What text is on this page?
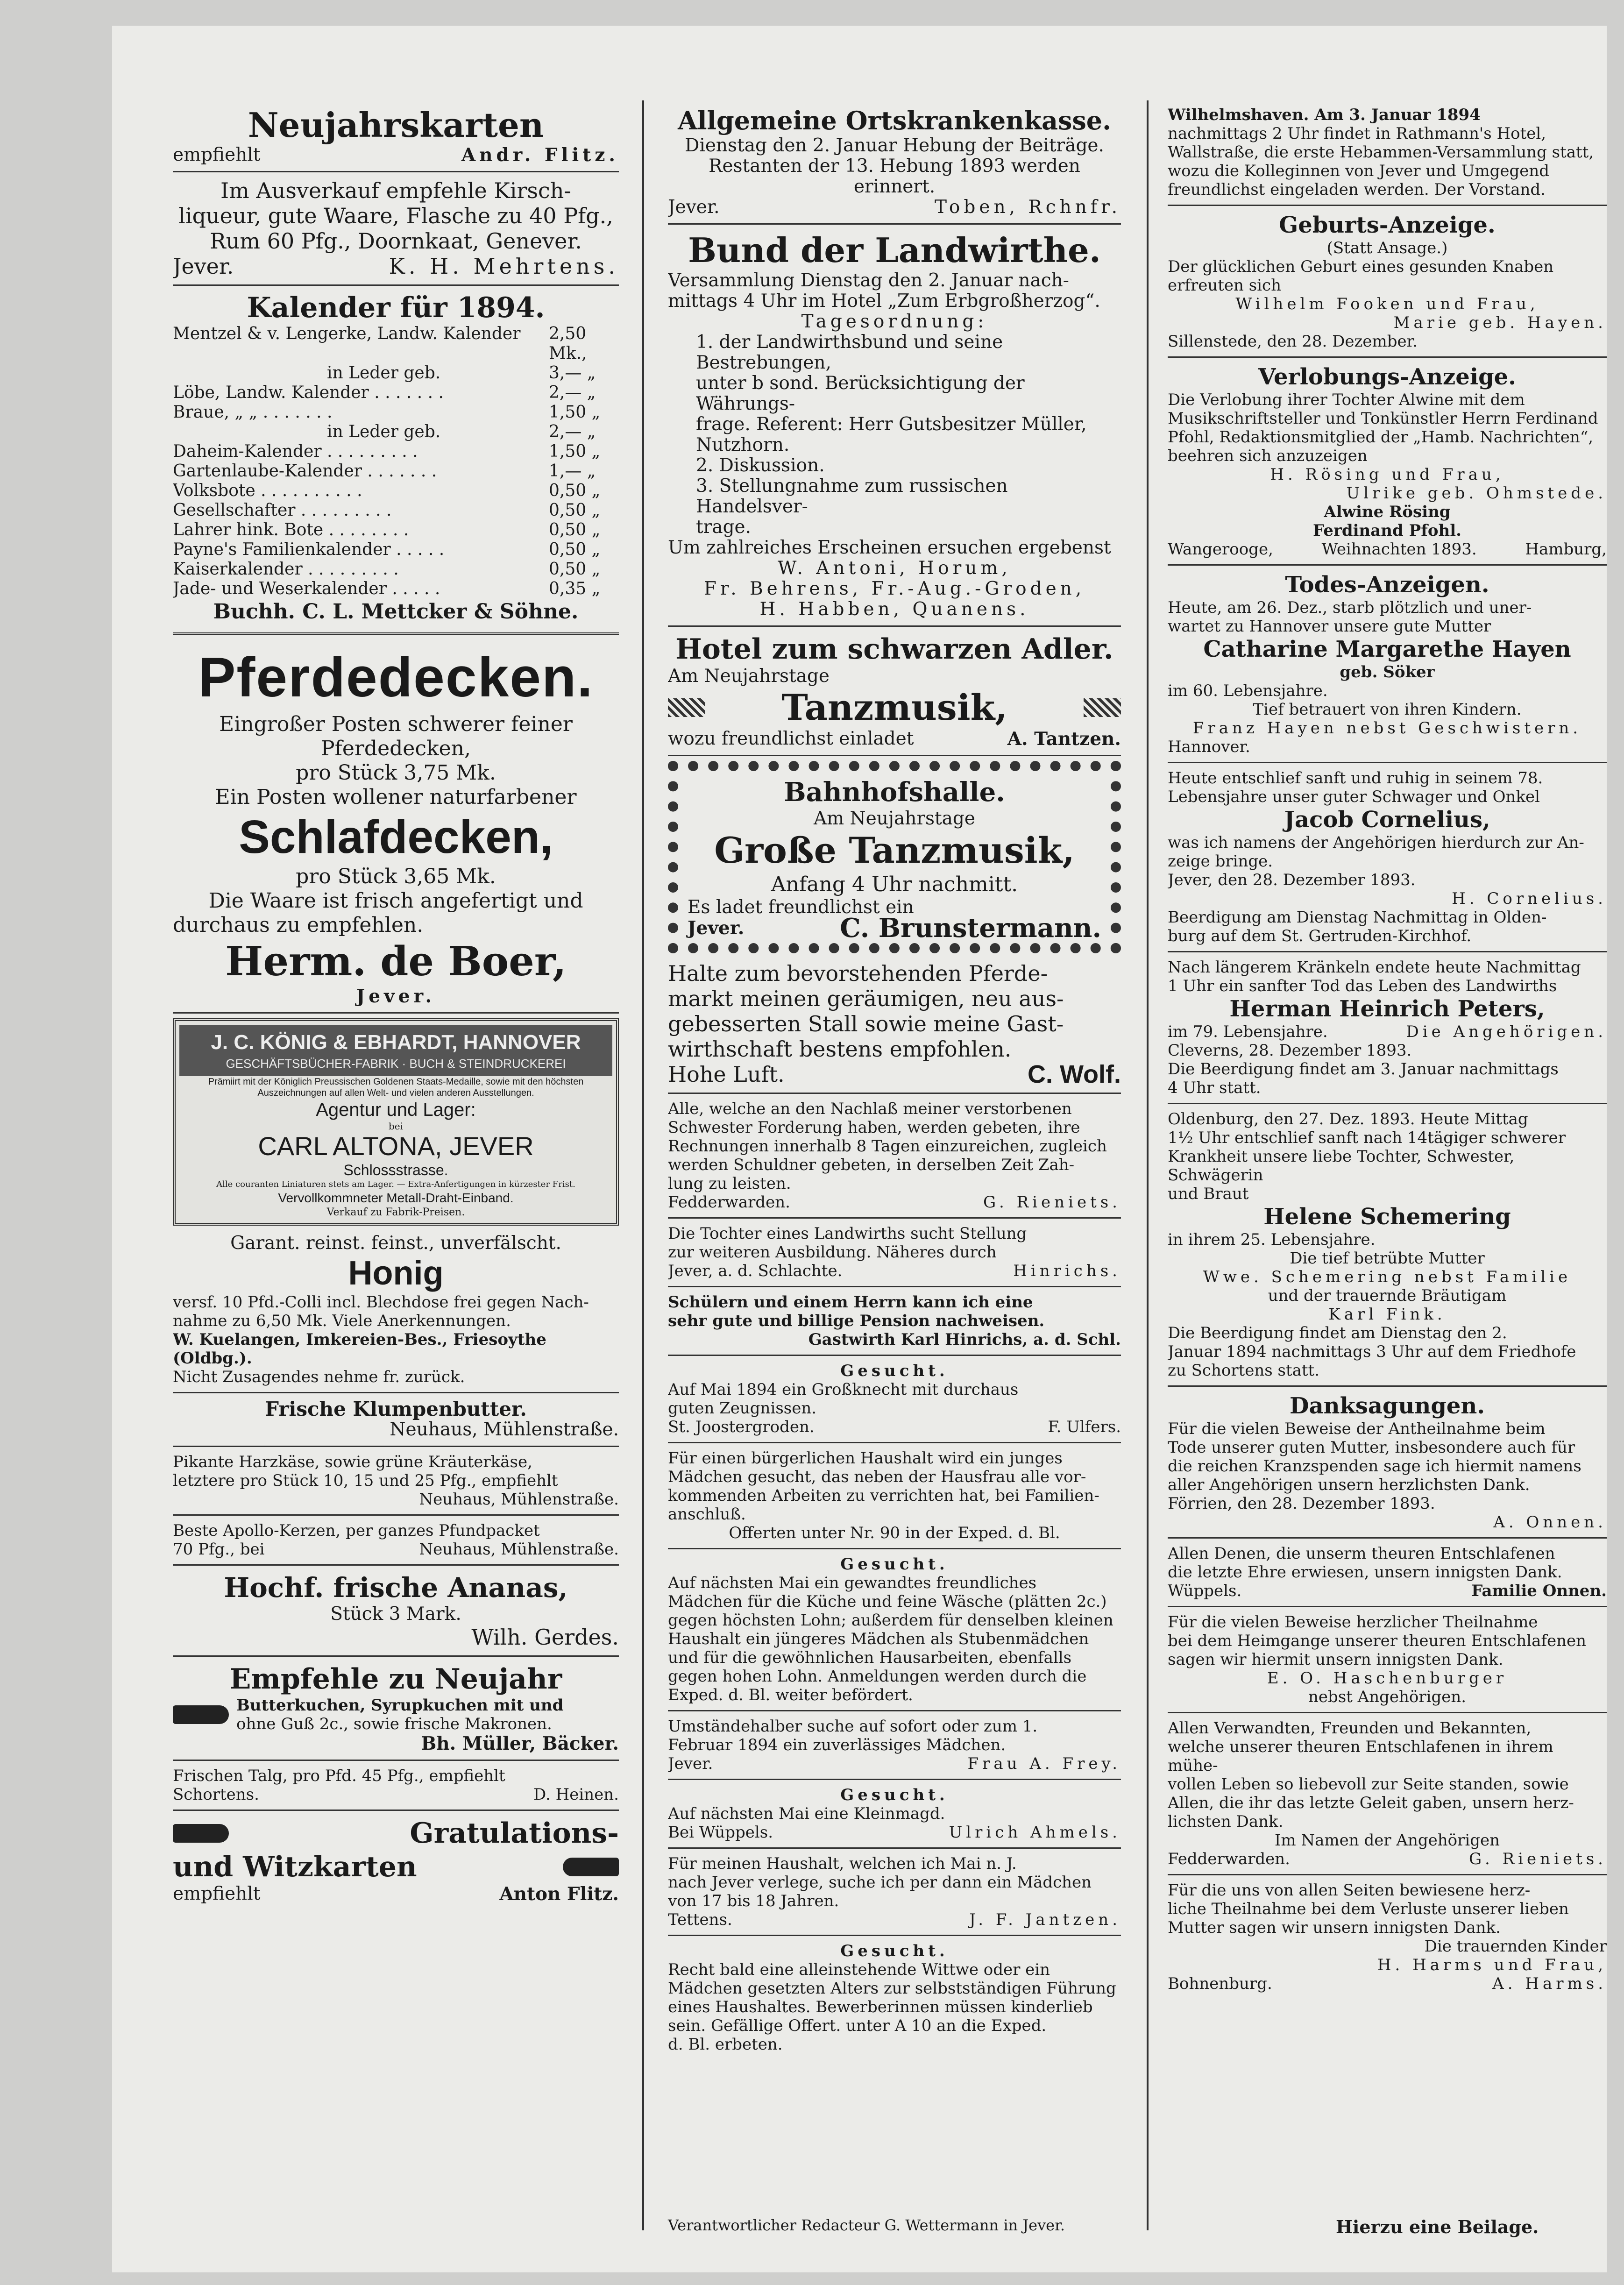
Neujahrskarten
empfiehlt	Andr. Flitz.
Im Ausverkauf empfehle Kirsch-
liqueur, gute Waare, Flasche zu 40 Pfg.,
Rum 60 Pfg., Doornkaat, Genever.
Jever.	K. H. Mehrtens.
Kalender für 1894.
Mentzel & v. Lengerke, Landw. Kalender 2,50 Mk.,
in Leder geb.	3,— „
Löbe, Landw. Kalender . . . . . . .	2,— „
Braue, „ „ . . . . . . .	1,50 „
in Leder geb.	2,— „
Daheim-Kalender . . . . . . . . .	1,50 „
Gartenlaube-Kalender . . . . . . .	1,— „
Volksbote . . . . . . . . . .	0,50 „
Gesellschafter . . . . . . . . .	0,50 „
Lahrer hink. Bote . . . . . . . .	0,50 „
Payne's Familienkalender . . . . .	0,50 „
Kaiserkalender . . . . . . . . .	0,50 „
Jade- und Weserkalender . . . . .	0,35 „
Buchh. C. L. Mettcker & Söhne.
Pferdedecken.
Eingroßer Posten schwerer feiner Pferdedecken,
pro Stück 3,75 Mk.
Ein Posten wollener naturfarbener
Schlafdecken,
pro Stück 3,65 Mk.
Die Waare ist frisch angefertigt und
durchaus zu empfehlen.
Herm. de Boer,
Jever.
J. C. KÖNIG & EBHARDT, HANNOVER
GESCHÄFTSBÜCHER-FABRIK · BUCH & STEINDRUCKEREI
Prämiirt mit der Königlich Preussischen Goldenen Staats-Medaille, sowie mit den höchsten Auszeichnungen auf allen Welt- und vielen anderen Ausstellungen.
Agentur und Lager:
bei
CARL ALTONA, JEVER
Schlossstrasse.
Alle couranten Liniaturen stets am Lager. — Extra-Anfertigungen in kürzester Frist.
Vervollkommneter Metall-Draht-Einband.
Verkauf zu Fabrik-Preisen.
Garant. reinst. feinst., unverfälscht.
Honig
versf. 10 Pfd.-Colli incl. Blechdose frei gegen Nach-
nahme zu 6,50 Mk. Viele Anerkennungen.
W. Kuelangen, Imkereien-Bes., Friesoythe (Oldbg.).
Nicht Zusagendes nehme fr. zurück.
Frische Klumpenbutter.
Neuhaus, Mühlenstraße.
Pikante Harzkäse, sowie grüne Kräuterkäse,
letztere pro Stück 10, 15 und 25 Pfg., empfiehlt
Neuhaus, Mühlenstraße.
Beste Apollo-Kerzen, per ganzes Pfundpacket
70 Pfg., bei	Neuhaus, Mühlenstraße.
Hochf. frische Ananas,
Stück 3 Mark.
Wilh. Gerdes.
Empfehle zu Neujahr
Butterkuchen, Syrupkuchen mit und
ohne Guß 2c., sowie frische Makronen.
Bh. Müller, Bäcker.
Frischen Talg, pro Pfd. 45 Pfg., empfiehlt
Schortens.	D. Heinen.
Gratulations-
und Witzkarten
empfiehlt	Anton Flitz.
Allgemeine Ortskrankenkasse.
Dienstag den 2. Januar Hebung der Beiträge.
Restanten der 13. Hebung 1893 werden erinnert.
Jever.	Toben, Rchnfr.
Bund der Landwirthe.
Versammlung Dienstag den 2. Januar nach-
mittags 4 Uhr im Hotel „Zum Erbgroßherzog“.
Tagesordnung:
1. der Landwirthsbund und seine Bestrebungen,
unter b sond. Berücksichtigung der Währungs-
frage. Referent: Herr Gutsbesitzer Müller,
Nutzhorn.
2. Diskussion.
3. Stellungnahme zum russischen Handelsver-
trage.
Um zahlreiches Erscheinen ersuchen ergebenst
W. Antoni, Horum,
Fr. Behrens, Fr.-Aug.-Groden,
H. Habben, Quanens.
Hotel zum schwarzen Adler.
Am Neujahrstage
Tanzmusik,
wozu freundlichst einladet	A. Tantzen.
Bahnhofshalle.
Am Neujahrstage
Große Tanzmusik,
Anfang 4 Uhr nachmitt.
Es ladet freundlichst ein
Jever.	C. Brunstermann.
Halte zum bevorstehenden Pferde-
markt meinen geräumigen, neu aus-
gebesserten Stall sowie meine Gast-
wirthschaft bestens empfohlen.
Hohe Luft.	C. Wolf.
Alle, welche an den Nachlaß meiner verstorbenen
Schwester Forderung haben, werden gebeten, ihre
Rechnungen innerhalb 8 Tagen einzureichen, zugleich
werden Schuldner gebeten, in derselben Zeit Zah-
lung zu leisten.
Fedderwarden.	G. Rieniets.
Die Tochter eines Landwirths sucht Stellung
zur weiteren Ausbildung. Näheres durch
Jever, a. d. Schlachte.	Hinrichs.
Schülern und einem Herrn kann ich eine
sehr gute und billige Pension nachweisen.
Gastwirth Karl Hinrichs, a. d. Schl.
Gesucht.
Auf Mai 1894 ein Großknecht mit durchaus
guten Zeugnissen.
St. Joostergroden.	F. Ulfers.
Für einen bürgerlichen Haushalt wird ein junges
Mädchen gesucht, das neben der Hausfrau alle vor-
kommenden Arbeiten zu verrichten hat, bei Familien-
anschluß.
Offerten unter Nr. 90 in der Exped. d. Bl.
Gesucht.
Auf nächsten Mai ein gewandtes freundliches
Mädchen für die Küche und feine Wäsche (plätten 2c.)
gegen höchsten Lohn; außerdem für denselben kleinen
Haushalt ein jüngeres Mädchen als Stubenmädchen
und für die gewöhnlichen Hausarbeiten, ebenfalls
gegen hohen Lohn. Anmeldungen werden durch die
Exped. d. Bl. weiter befördert.
Umständehalber suche auf sofort oder zum 1.
Februar 1894 ein zuverlässiges Mädchen.
Jever.	Frau A. Frey.
Gesucht.
Auf nächsten Mai eine Kleinmagd.
Bei Wüppels.	Ulrich Ahmels.
Für meinen Haushalt, welchen ich Mai n. J.
nach Jever verlege, suche ich per dann ein Mädchen
von 17 bis 18 Jahren.
Tettens.	J. F. Jantzen.
Gesucht.
Recht bald eine alleinstehende Wittwe oder ein
Mädchen gesetzten Alters zur selbstständigen Führung
eines Haushaltes. Bewerberinnen müssen kinderlieb
sein. Gefällige Offert. unter A 10 an die Exped.
d. Bl. erbeten.
Wilhelmshaven. Am 3. Januar 1894
nachmittags 2 Uhr findet in Rathmann's Hotel,
Wallstraße, die erste Hebammen-Versammlung statt,
wozu die Kolleginnen von Jever und Umgegend
freundlichst eingeladen werden. Der Vorstand.
Geburts-Anzeige.
(Statt Ansage.)
Der glücklichen Geburt eines gesunden Knaben
erfreuten sich
Wilhelm Fooken und Frau,
Marie geb. Hayen.
Sillenstede, den 28. Dezember.
Verlobungs-Anzeige.
Die Verlobung ihrer Tochter Alwine mit dem
Musikschriftsteller und Tonkünstler Herrn Ferdinand
Pfohl, Redaktionsmitglied der „Hamb. Nachrichten“,
beehren sich anzuzeigen
H. Rösing und Frau,
Ulrike geb. Ohmstede.
Alwine Rösing
Ferdinand Pfohl.
Wangerooge,	Weihnachten 1893.	Hamburg,
Todes-Anzeigen.
Heute, am 26. Dez., starb plötzlich und uner-
wartet zu Hannover unsere gute Mutter
Catharine Margarethe Hayen
geb. Söker
im 60. Lebensjahre.
Tief betrauert von ihren Kindern.
Franz Hayen nebst Geschwistern.
Hannover.
Heute entschlief sanft und ruhig in seinem 78.
Lebensjahre unser guter Schwager und Onkel
Jacob Cornelius,
was ich namens der Angehörigen hierdurch zur An-
zeige bringe.
Jever, den 28. Dezember 1893.
H. Cornelius.
Beerdigung am Dienstag Nachmittag in Olden-
burg auf dem St. Gertruden-Kirchhof.
Nach längerem Kränkeln endete heute Nachmittag
1 Uhr ein sanfter Tod das Leben des Landwirths
Herman Heinrich Peters,
im 79. Lebensjahre.	Die Angehörigen.
Cleverns, 28. Dezember 1893.
Die Beerdigung findet am 3. Januar nachmittags
4 Uhr statt.
Oldenburg, den 27. Dez. 1893. Heute Mittag
1½ Uhr entschlief sanft nach 14tägiger schwerer
Krankheit unsere liebe Tochter, Schwester, Schwägerin
und Braut
Helene Schemering
in ihrem 25. Lebensjahre.
Die tief betrübte Mutter
Wwe. Schemering nebst Familie
und der trauernde Bräutigam
Karl Fink.
Die Beerdigung findet am Dienstag den 2.
Januar 1894 nachmittags 3 Uhr auf dem Friedhofe
zu Schortens statt.
Danksagungen.
Für die vielen Beweise der Antheilnahme beim
Tode unserer guten Mutter, insbesondere auch für
die reichen Kranzspenden sage ich hiermit namens
aller Angehörigen unsern herzlichsten Dank.
Förrien, den 28. Dezember 1893.
A. Onnen.
Allen Denen, die unserm theuren Entschlafenen
die letzte Ehre erwiesen, unsern innigsten Dank.
Wüppels.	Familie Onnen.
Für die vielen Beweise herzlicher Theilnahme
bei dem Heimgange unserer theuren Entschlafenen
sagen wir hiermit unsern innigsten Dank.
E. O. Haschenburger
nebst Angehörigen.
Allen Verwandten, Freunden und Bekannten,
welche unserer theuren Entschlafenen in ihrem mühe-
vollen Leben so liebevoll zur Seite standen, sowie
Allen, die ihr das letzte Geleit gaben, unsern herz-
lichsten Dank.
Im Namen der Angehörigen
Fedderwarden.	G. Rieniets.
Für die uns von allen Seiten bewiesene herz-
liche Theilnahme bei dem Verluste unserer lieben
Mutter sagen wir unsern innigsten Dank.
Die trauernden Kinder
H. Harms und Frau,
Bohnenburg.	A. Harms.
Verantwortlicher Redacteur G. Wettermann in Jever.	Hierzu eine Beilage.
